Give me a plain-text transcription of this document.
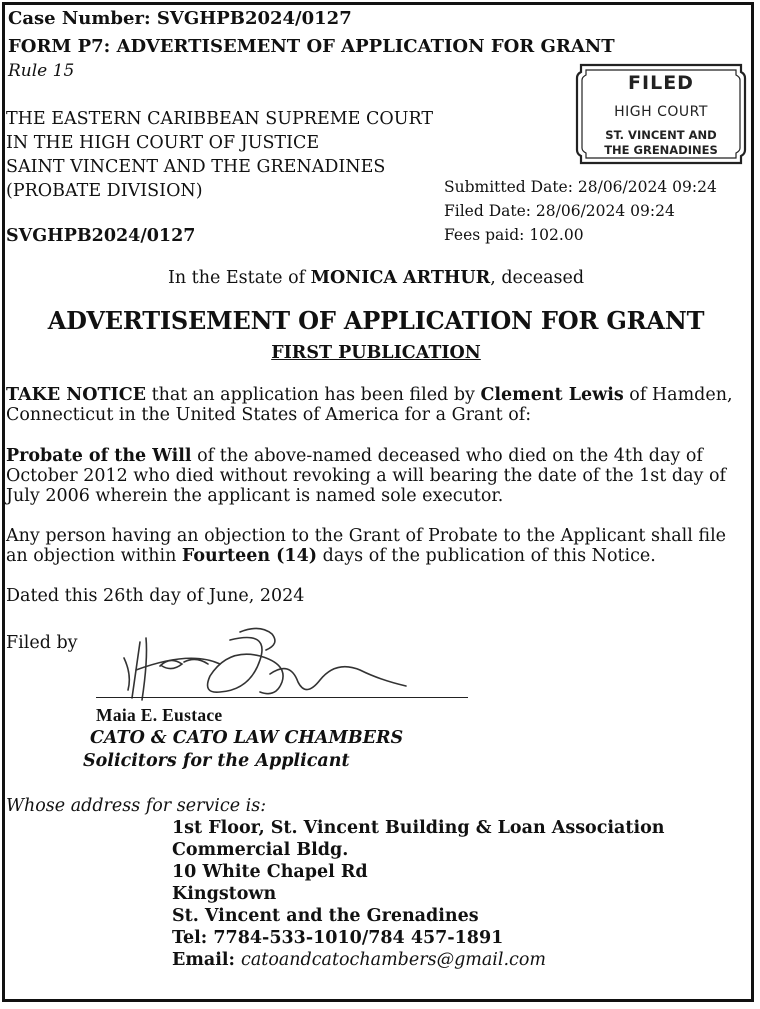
Case Number: SVGHPB2024/0127
FORM P7: ADVERTISEMENT OF APPLICATION FOR GRANT
Rule 15
THE EASTERN CARIBBEAN SUPREME COURT
IN THE HIGH COURT OF JUSTICE
SAINT VINCENT AND THE GRENADINES
(PROBATE DIVISION)
SVGHPB2024/0127
FILED
HIGH COURT
ST. VINCENT AND
THE GRENADINES
Submitted Date: 28/06/2024 09:24
Filed Date: 28/06/2024 09:24
Fees paid: 102.00
In the Estate of MONICA ARTHUR, deceased
ADVERTISEMENT OF APPLICATION FOR GRANT
FIRST PUBLICATION
TAKE NOTICE that an application has been filed by Clement Lewis of Hamden, Connecticut in the United States of America for a Grant of:
Probate of the Will of the above-named deceased who died on the 4th day of October 2012 who died without revoking a will bearing the date of the 1st day of July 2006 wherein the applicant is named sole executor.
Any person having an objection to the Grant of Probate to the Applicant shall file an objection within Fourteen (14) days of the publication of this Notice.
Dated this 26th day of June, 2024
Filed by
Maia E. Eustace
CATO & CATO LAW CHAMBERS
Solicitors for the Applicant
Whose address for service is:
1st Floor, St. Vincent Building & Loan Association
Commercial Bldg.
10 White Chapel Rd
Kingstown
St. Vincent and the Grenadines
Tel: 7784-533-1010/784 457-1891
Email: catoandcatochambers@gmail.com
